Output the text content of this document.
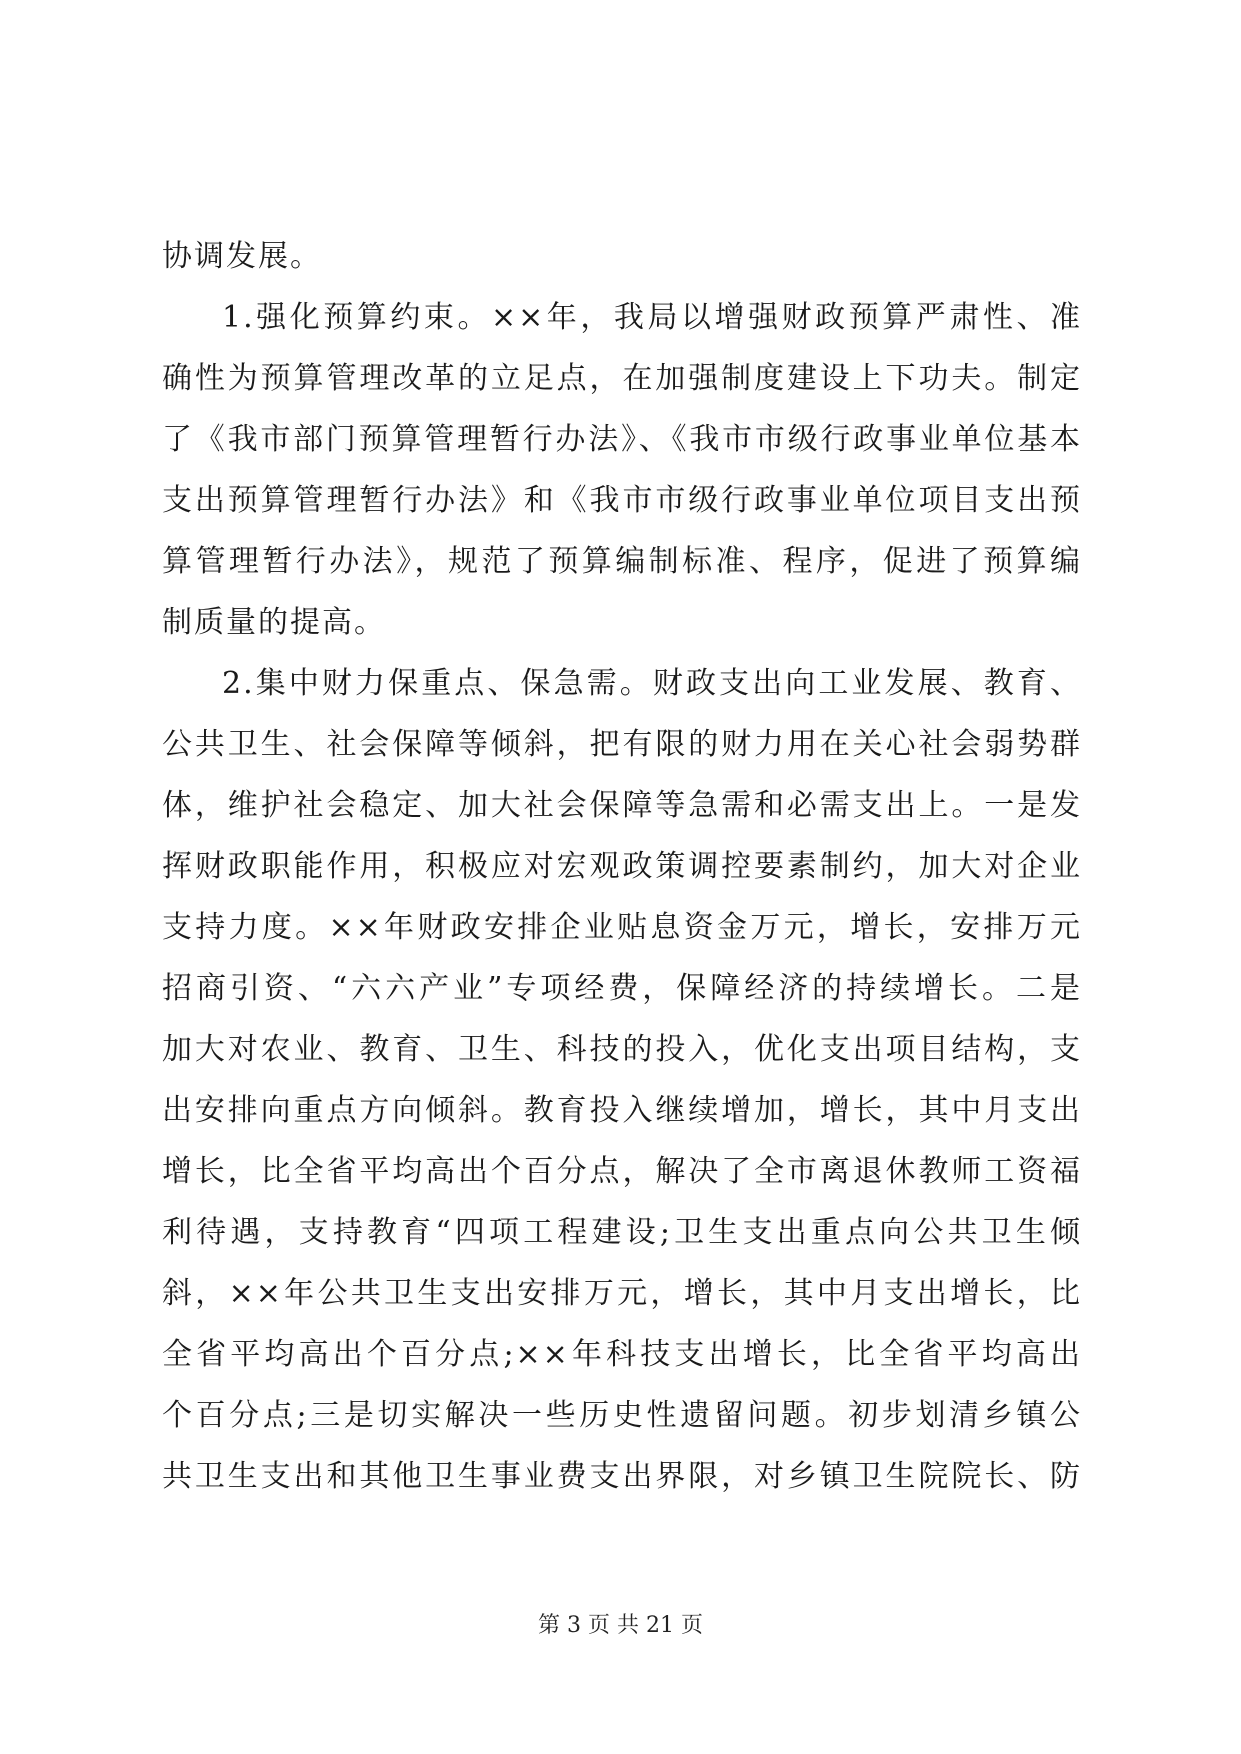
协调发展。
1.强化预算约束。××年，我局以增强财政预算严肃性、准
确性为预算管理改革的立足点，在加强制度建设上下功夫。制定
了《我市部门预算管理暂行办法》、《我市市级行政事业单位基本
支出预算管理暂行办法》和《我市市级行政事业单位项目支出预
算管理暂行办法》，规范了预算编制标准、程序，促进了预算编
制质量的提高。
2.集中财力保重点、保急需。财政支出向工业发展、教育、
公共卫生、社会保障等倾斜，把有限的财力用在关心社会弱势群
体，维护社会稳定、加大社会保障等急需和必需支出上。一是发
挥财政职能作用，积极应对宏观政策调控要素制约，加大对企业
支持力度。××年财政安排企业贴息资金万元，增长，安排万元
招商引资、“六六产业”专项经费，保障经济的持续增长。二是
加大对农业、教育、卫生、科技的投入，优化支出项目结构，支
出安排向重点方向倾斜。教育投入继续增加，增长，其中月支出
增长，比全省平均高出个百分点，解决了全市离退休教师工资福
利待遇，支持教育“四项工程建设;卫生支出重点向公共卫生倾
斜，××年公共卫生支出安排万元，增长，其中月支出增长，比
全省平均高出个百分点;××年科技支出增长，比全省平均高出
个百分点;三是切实解决一些历史性遗留问题。初步划清乡镇公
共卫生支出和其他卫生事业费支出界限，对乡镇卫生院院长、防
第 3 页 共 21 页
